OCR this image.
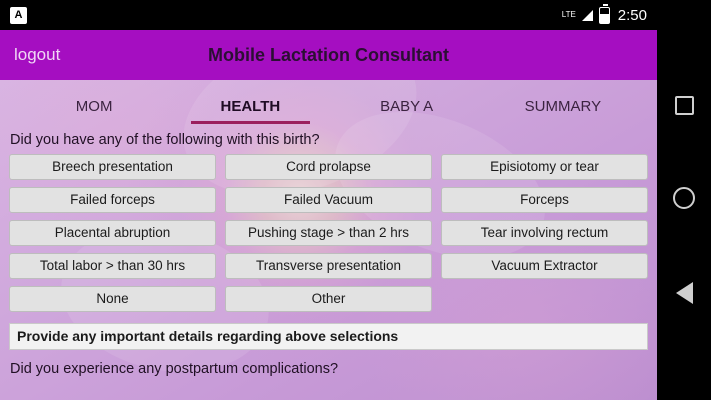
A	LTE	2:50
logout	Mobile Lactation Consultant
MOM	HEALTH	BABY A	SUMMARY
Did you have any of the following with this birth?
Breech presentation	Cord prolapse	Episiotomy or tear
Failed forceps	Failed Vacuum	Forceps
Placental abruption	Pushing stage > than 2 hrs	Tear involving rectum
Total labor > than 30 hrs	Transverse presentation	Vacuum Extractor
None	Other
Provide any important details regarding above selections
Did you experience any postpartum complications?
